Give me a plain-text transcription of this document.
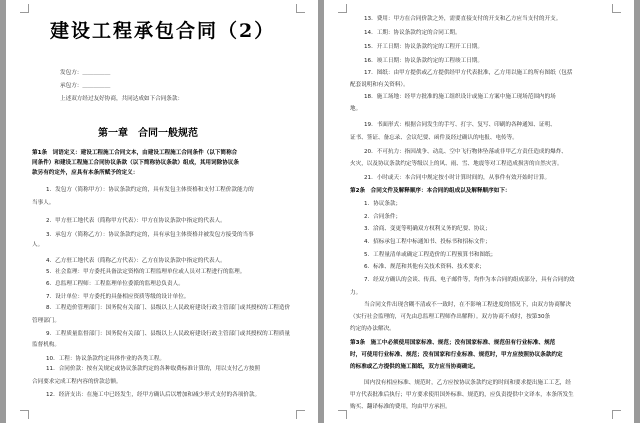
建设工程承包合同（2）
发包方：＿＿＿＿＿
承包方：＿＿＿＿＿
上述双方经过友好协商，共同达成如下合同条款：
第一章　合同一般规范
第1条　词语定义：建设工程施工合同文本，由建设工程施工合同条件（以下简称合
同条件）和建设工程施工合同协议条款（以下简称协议条款）组成，其用词除协议条
款另有约定外，应具有本条所赋予的定义：
1．发包方（简称甲方）：协议条款约定的，具有发包主体资格和支付工程价款能力的
当事人。
2．甲方驻工地代表（简称甲方代表）：甲方在协议条款中指定的代表人。
3．承包方（简称乙方）：协议条款约定的，具有承包主体资格并被发包方接受的当事
人。
4．乙方驻工地代表（简称乙方代表）：乙方在协议条款中指定的代表人。
5．社会监理：甲方委托具备法定资格的工程监理单位或人员对工程进行的监理。
6．总监理工程师：工程监理单位委派的监理总负责人。
7．设计单位：甲方委托的具备相应资质等级的设计单位。
8．工程造价管理部门：国务院有关部门、县级以上人民政府建设行政主管部门或其授权的工程造价
管理部门。
9．工程质量监督部门：国务院有关部门、县级以上人民政府建设行政主管部门或其授权的工程质量
监督机构。
10．工程：协议条款约定具体作业的各类工程。
11．合同价款：按有关规定或协议条款约定的各种取费标准计算的，用以支付乙方按照
合同要求完成工程内容的价款总额。
12．经济支出：在施工中已经发生，经甲方确认后以增加和减少形式支付的各项价款。
13．费用：甲方在合同价款之外，需要直接支付的开支和乙方应当支付的开支。
14．工期：协议条款约定的合同工期。
15．开工日期：协议条款约定的工程开工日期。
16．竣工日期：协议条款约定的工程竣工日期。
17．图纸：由甲方提供或乙方提供经甲方代表批准，乙方用以施工的所有图纸（包括
配套说明和有关资料）。
18．施工场地：经甲方批准的施工组织设计或施工方案中施工现场范围内的场
地。
19．书面形式：根据合同发生的手写、打字、复写、印刷的各种通知、证明、
证书、签证、备忘录、会议纪要、函件及经过确认的电报、电传等。
20．不可抗力：指因战争、动乱、空中飞行物体坠落或非甲乙方责任造成的爆炸、
火灾，以及协议条款约定等级以上的风、雨、雪、地震等对工程造成损害的自然灾害。
21．小时或天：本合同中规定按小时计算时间的，从事件有效开始时计算。
第2条　合同文件及解释顺序：本合同的组成以及解释顺序如下：
1．协议条款；
2．合同条件；
3．洽商、变更等明确双方权利义务的纪要、协议；
4．招标承包工程中标通知书、投标书和招标文件；
5．工程量清单或确定工程造价的工程预算书和图纸；
6．标准、规范和其他有关技术资料、技术要求；
7．经双方确认的会谈、传真、电子邮件等，均作为本合同的组成部分，具有合同的效
力。
当合同文件出现含糊不清或不一致时，在不影响工程进度的情况下，由双方协商解决
（实行社会监理的，可先由总监理工程师作出解释）。双方协商不成时，按第30条
约定的办法解决。
第3条　施工中必须使用国家标准、规范；没有国家标准、规范但有行业标准、规范
时，可使用行业标准、规范；没有国家和行业标准、规范时，甲方应按照协议条款约定
的标准或乙方提供的施工图纸，双方应当协商确定。
国内没有相应标准、规范时，乙方应按协议条款约定的时间和要求提出施工工艺，经
甲方代表批准后执行；甲方要求使用国外标准、规范的，应负责提供中文译本，本条所发生
购买、翻译标准的费用，均由甲方承担。
